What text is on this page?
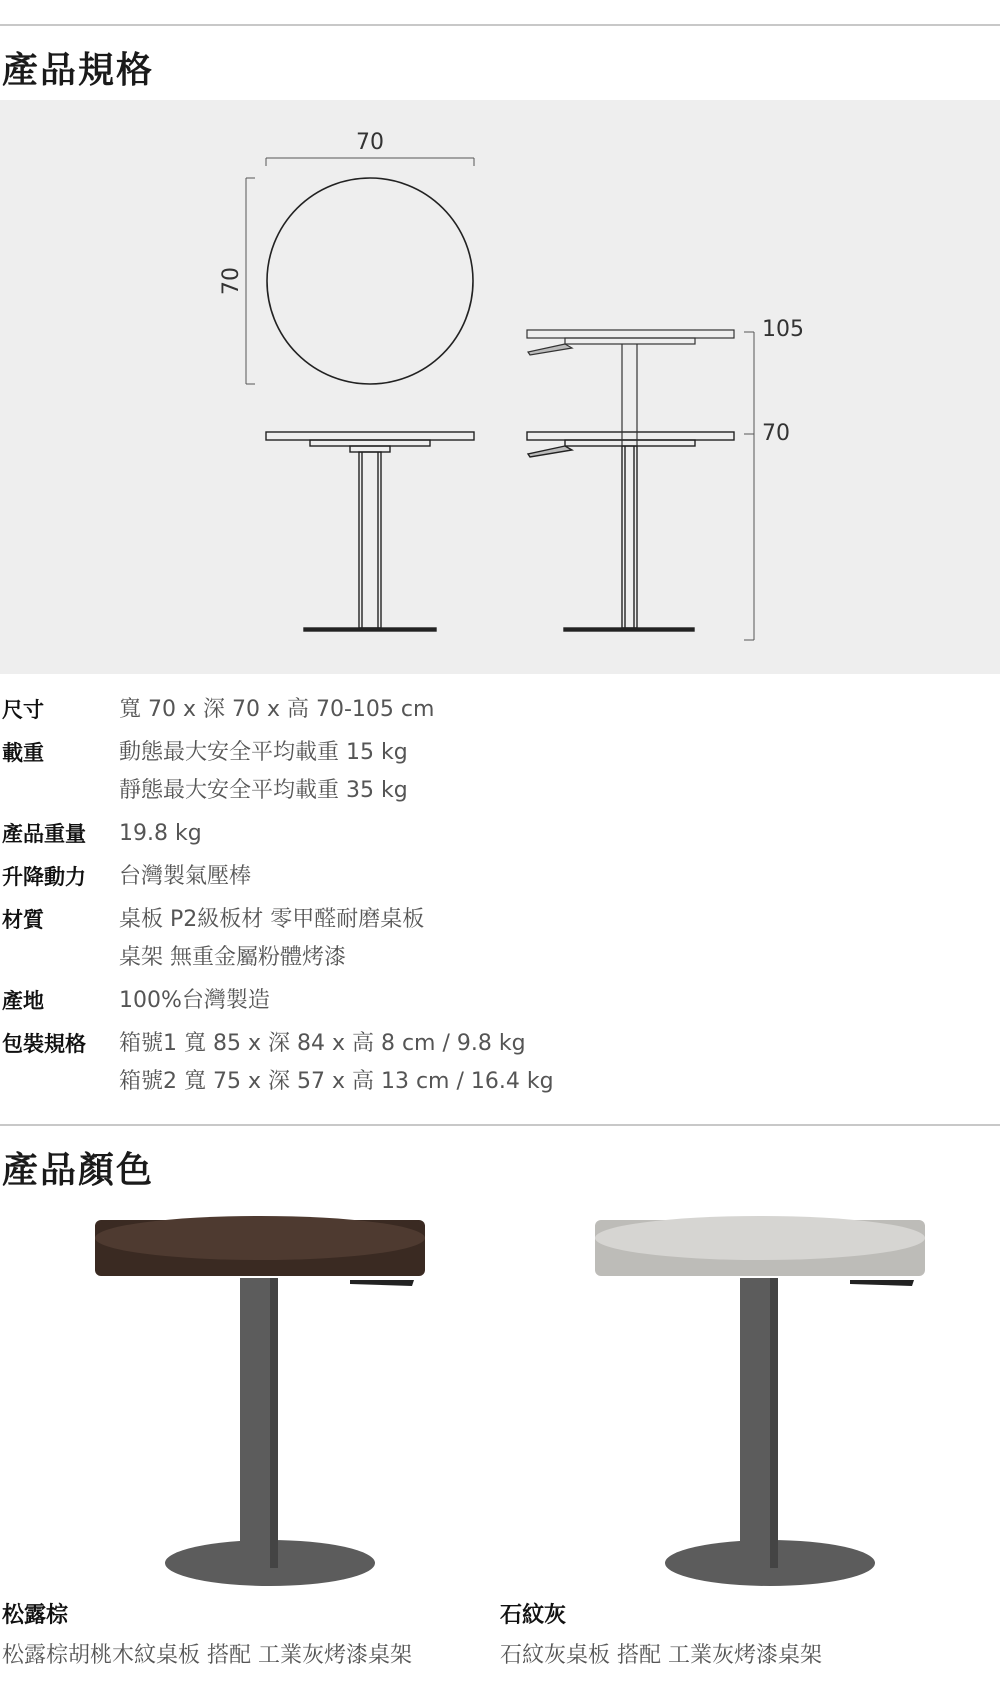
產品規格
70
70
105
70
尺寸	寬 70 x 深 70 x 高 70-105 cm
載重	動態最大安全平均載重 15 kg
靜態最大安全平均載重 35 kg
產品重量	19.8 kg
升降動力	台灣製氣壓棒
材質	桌板 P2級板材 零甲醛耐磨桌板
桌架 無重金屬粉體烤漆
產地	100%台灣製造
包裝規格	箱號1 寬 85 x 深 84 x 高 8 cm / 9.8 kg
箱號2 寬 75 x 深 57 x 高 13 cm / 16.4 kg
產品顏色

松露棕

松露棕胡桃木紋桌板 搭配 工業灰烤漆桌架

石紋灰

石紋灰桌板 搭配 工業灰烤漆桌架
